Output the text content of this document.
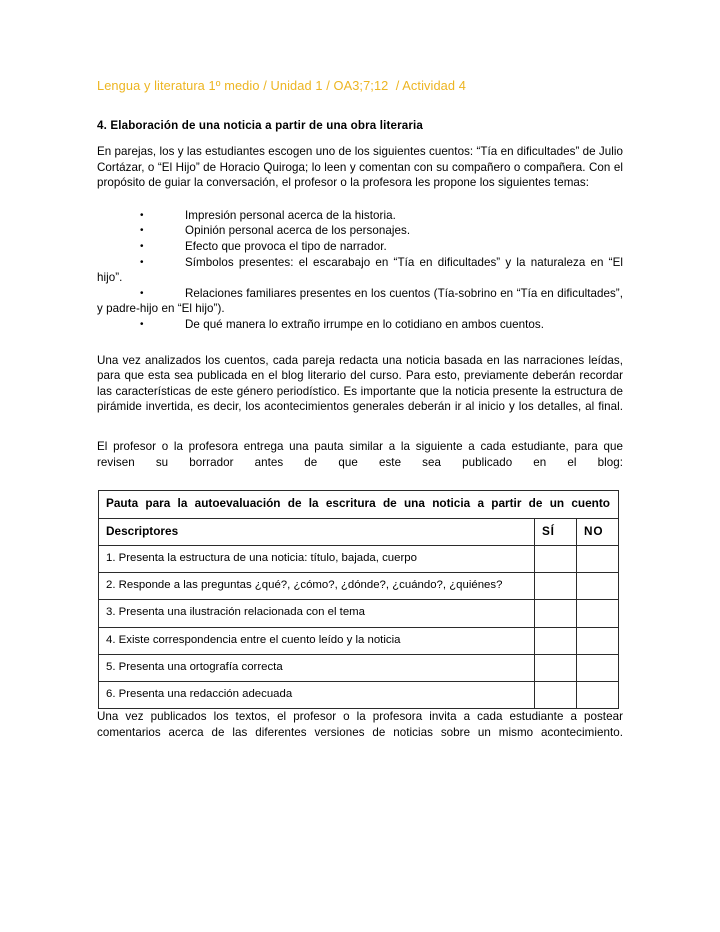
Lengua y literatura 1º medio / Unidad 1 / OA3;7;12  / Actividad 4
4. Elaboración de una noticia a partir de una obra literaria

En parejas, los y las estudiantes escogen uno de los siguientes cuentos: “Tía en dificultades” de Julio Cortázar, o “El Hijo” de Horacio Quiroga; lo leen y comentan con su compañero o compañera. Con el propósito de guiar la conversación, el profesor o la profesora les propone los siguientes temas:

•	Impresión personal acerca de la historia.
•	Opinión personal acerca de los personajes.
•	Efecto que provoca el tipo de narrador.
•	Símbolos presentes: el escarabajo en “Tía en dificultades” y la naturaleza en “El hijo”.
•	Relaciones familiares presentes en los cuentos (Tía-sobrino en “Tía en dificultades”, y padre-hijo en “El hijo”).
•	De qué manera lo extraño irrumpe en lo cotidiano en ambos cuentos.

Una vez analizados los cuentos, cada pareja redacta una noticia basada en las narraciones leídas, para que esta sea publicada en el blog literario del curso. Para esto, previamente deberán recordar las características de este género periodístico. Es importante que la noticia presente la estructura de pirámide invertida, es decir, los acontecimientos generales deberán ir al inicio y los detalles, al final.

El profesor o la profesora entrega una pauta similar a la siguiente a cada estudiante, para que revisen su borrador antes de que este sea publicado en el blog:

Pauta para la autoevaluación de la escritura de una noticia a partir de un cuento		
Descriptores	SÍ	NO
1. Presenta la estructura de una noticia: título, bajada, cuerpo		
2. Responde a las preguntas ¿qué?, ¿cómo?, ¿dónde?, ¿cuándo?, ¿quiénes?		
3. Presenta una ilustración relacionada con el tema		
4. Existe correspondencia entre el cuento leído y la noticia		
5. Presenta una ortografía correcta		
6. Presenta una redacción adecuada		

Una vez publicados los textos, el profesor o la profesora invita a cada estudiante a postear comentarios acerca de las diferentes versiones de noticias sobre un mismo acontecimiento.
